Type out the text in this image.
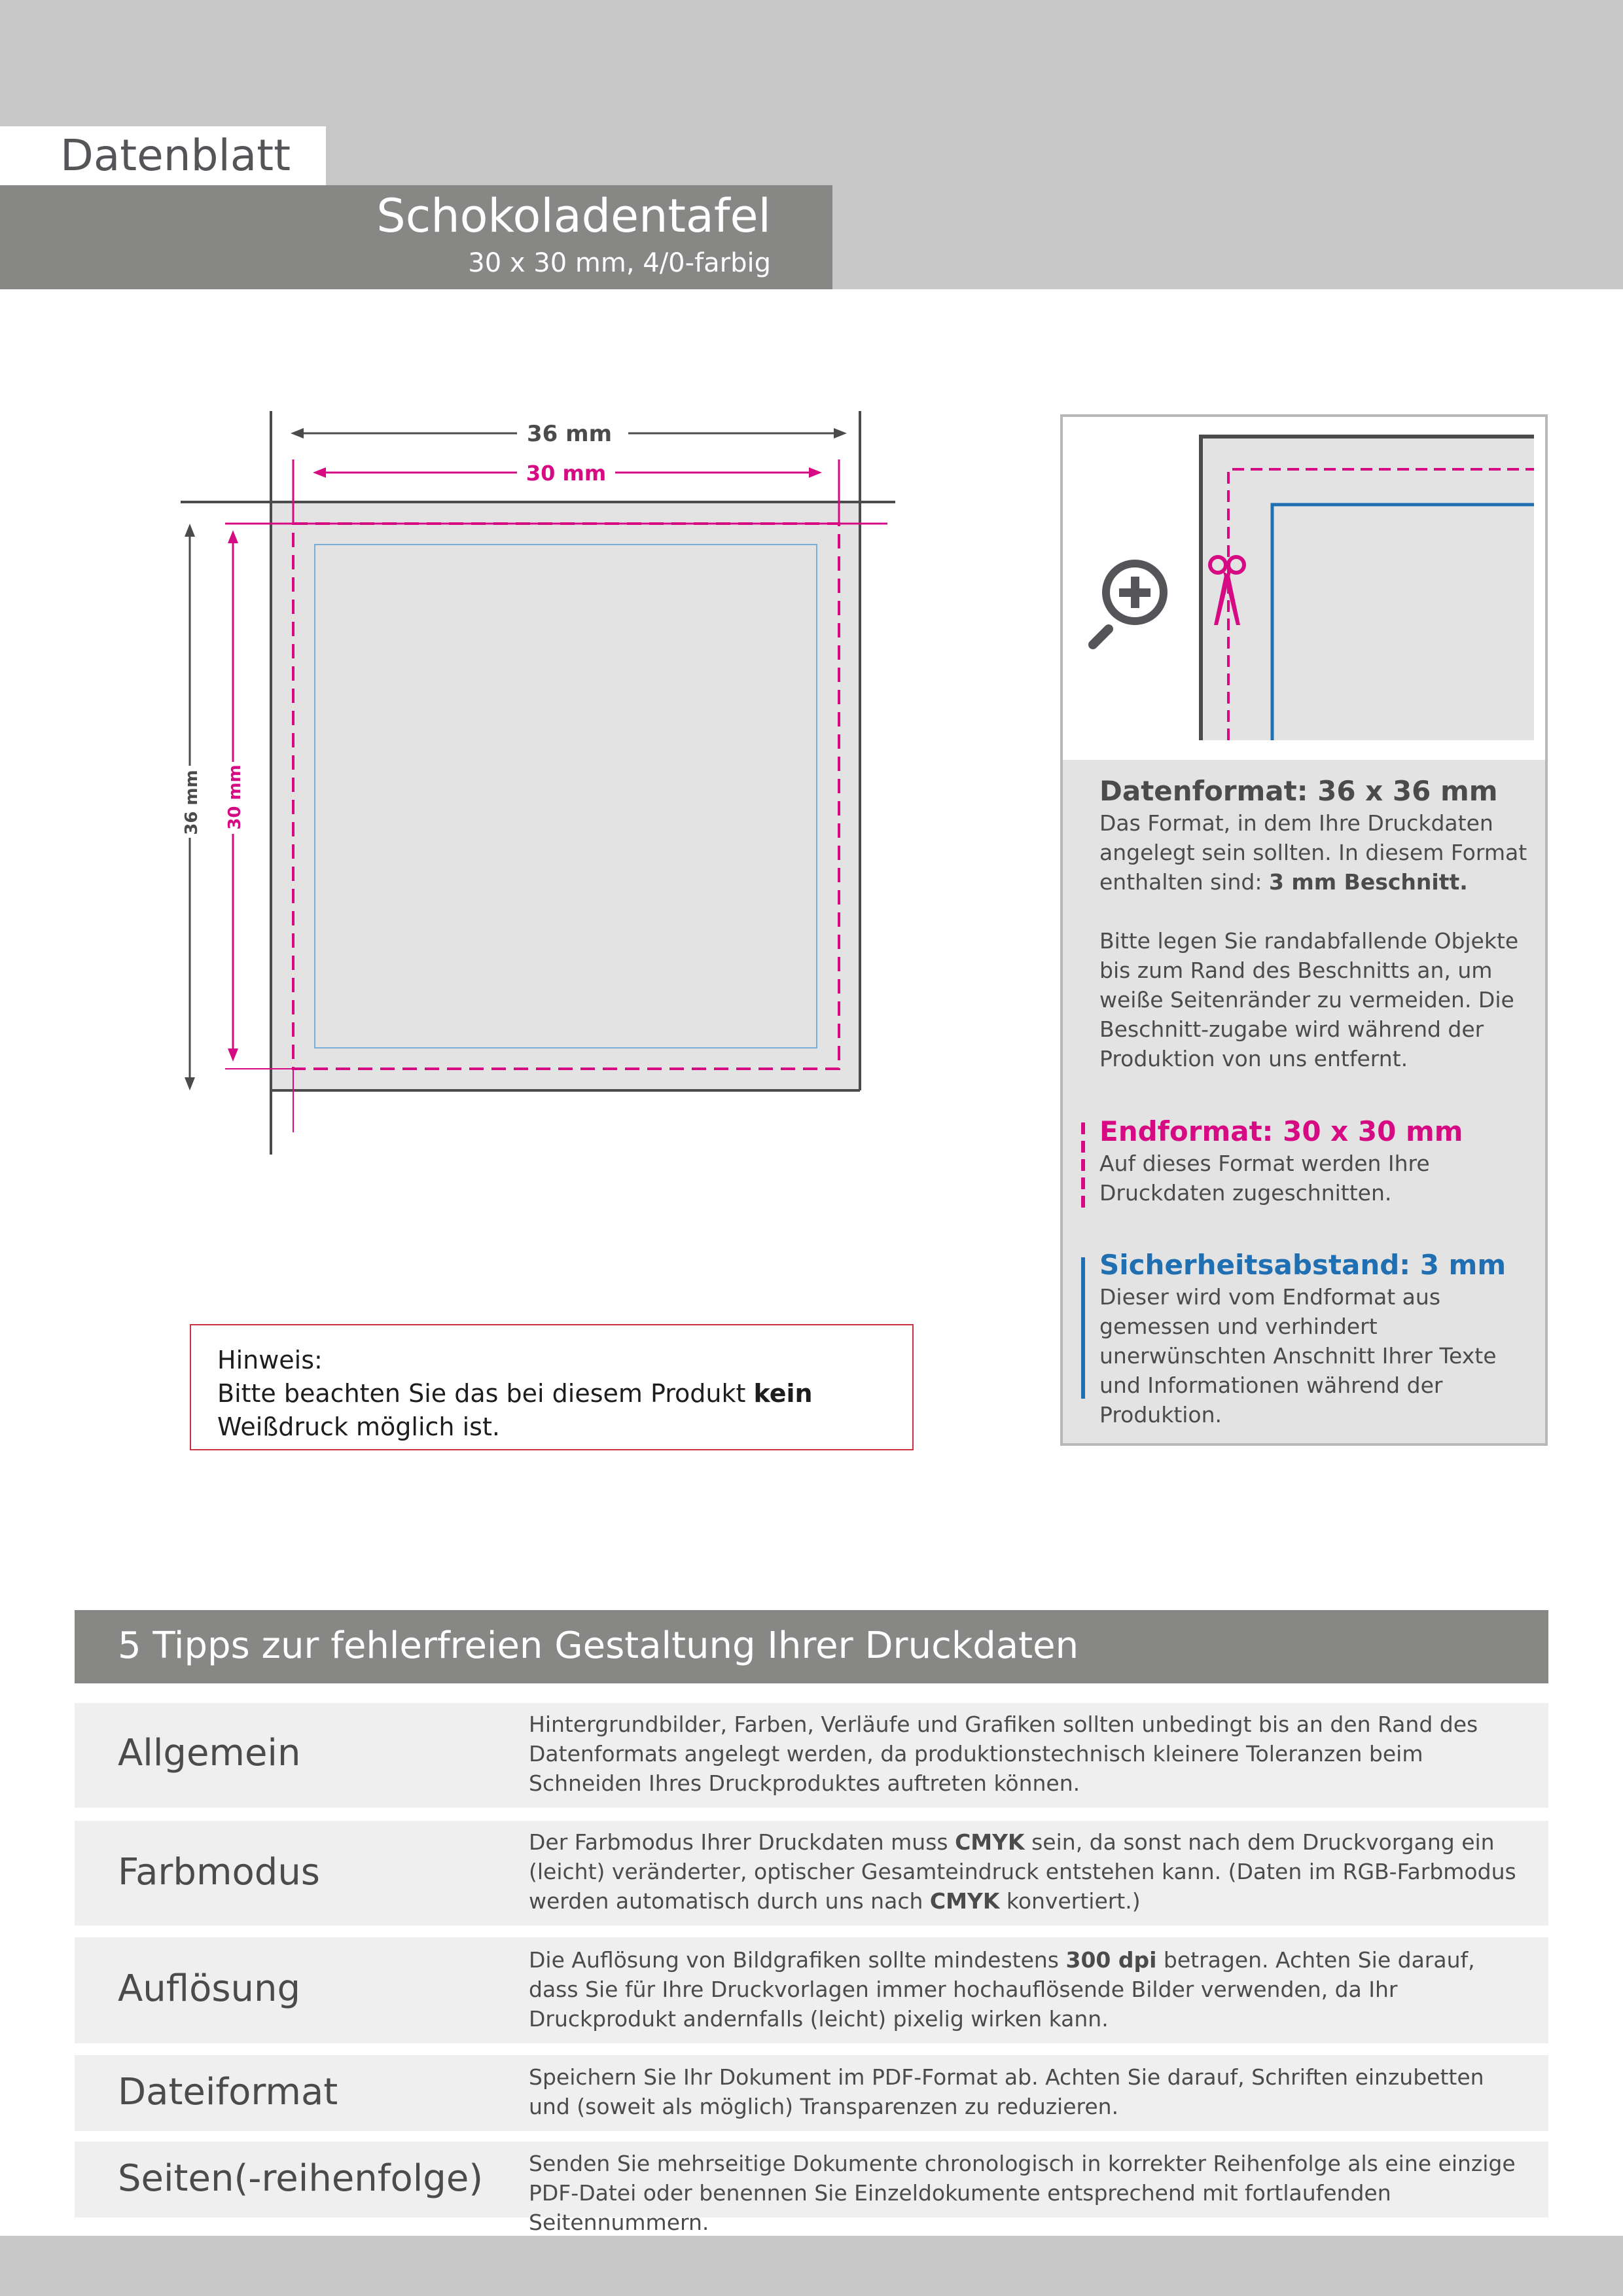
Datenblatt
Schokoladentafel
30 x 30 mm, 4/0-farbig
36 mm
30 mm
36 mm 30 mm
Hinweis:
Bitte beachten Sie das bei diesem Produkt kein Weißdruck möglich ist.
Datenformat: 36 x 36 mm
Das Format, in dem Ihre Druckdaten angelegt sein sollten. In diesem Format enthalten sind: 3 mm Beschnitt.
Bitte legen Sie randabfallende Objekte bis zum Rand des Beschnitts an, um weiße Seitenränder zu vermeiden. Die Beschnitt-zugabe wird während der Produktion von uns entfernt.
Endformat: 30 x 30 mm
Auf dieses Format werden Ihre Druckdaten zugeschnitten.
Sicherheitsabstand: 3 mm
Dieser wird vom Endformat aus gemessen und verhindert unerwünschten Anschnitt Ihrer Texte und Informationen während der Produktion.
5 Tipps zur fehlerfreien Gestaltung Ihrer Druckdaten
Allgemein
Hintergrundbilder, Farben, Verläufe und Grafiken sollten unbedingt bis an den Rand des Datenformats angelegt werden, da produktionstechnisch kleinere Toleranzen beim Schneiden Ihres Druckproduktes auftreten können.
Farbmodus
Der Farbmodus Ihrer Druckdaten muss CMYK sein, da sonst nach dem Druckvorgang ein (leicht) veränderter, optischer Gesamteindruck entstehen kann. (Daten im RGB-Farbmodus werden automatisch durch uns nach CMYK konvertiert.)
Auflösung
Die Auflösung von Bildgrafiken sollte mindestens 300 dpi betragen. Achten Sie darauf, dass Sie für Ihre Druckvorlagen immer hochauflösende Bilder verwenden, da Ihr Druckprodukt andernfalls (leicht) pixelig wirken kann.
Dateiformat	Speichern Sie Ihr Dokument im PDF-Format ab. Achten Sie darauf, Schriften einzubetten und (soweit als möglich) Transparenzen zu reduzieren.
Seiten(-reihenfolge) Senden Sie mehrseitige Dokumente chronologisch in korrekter Reihenfolge als eine einzige PDF-Datei oder benennen Sie Einzeldokumente entsprechend mit fortlaufenden Seitennummern.
